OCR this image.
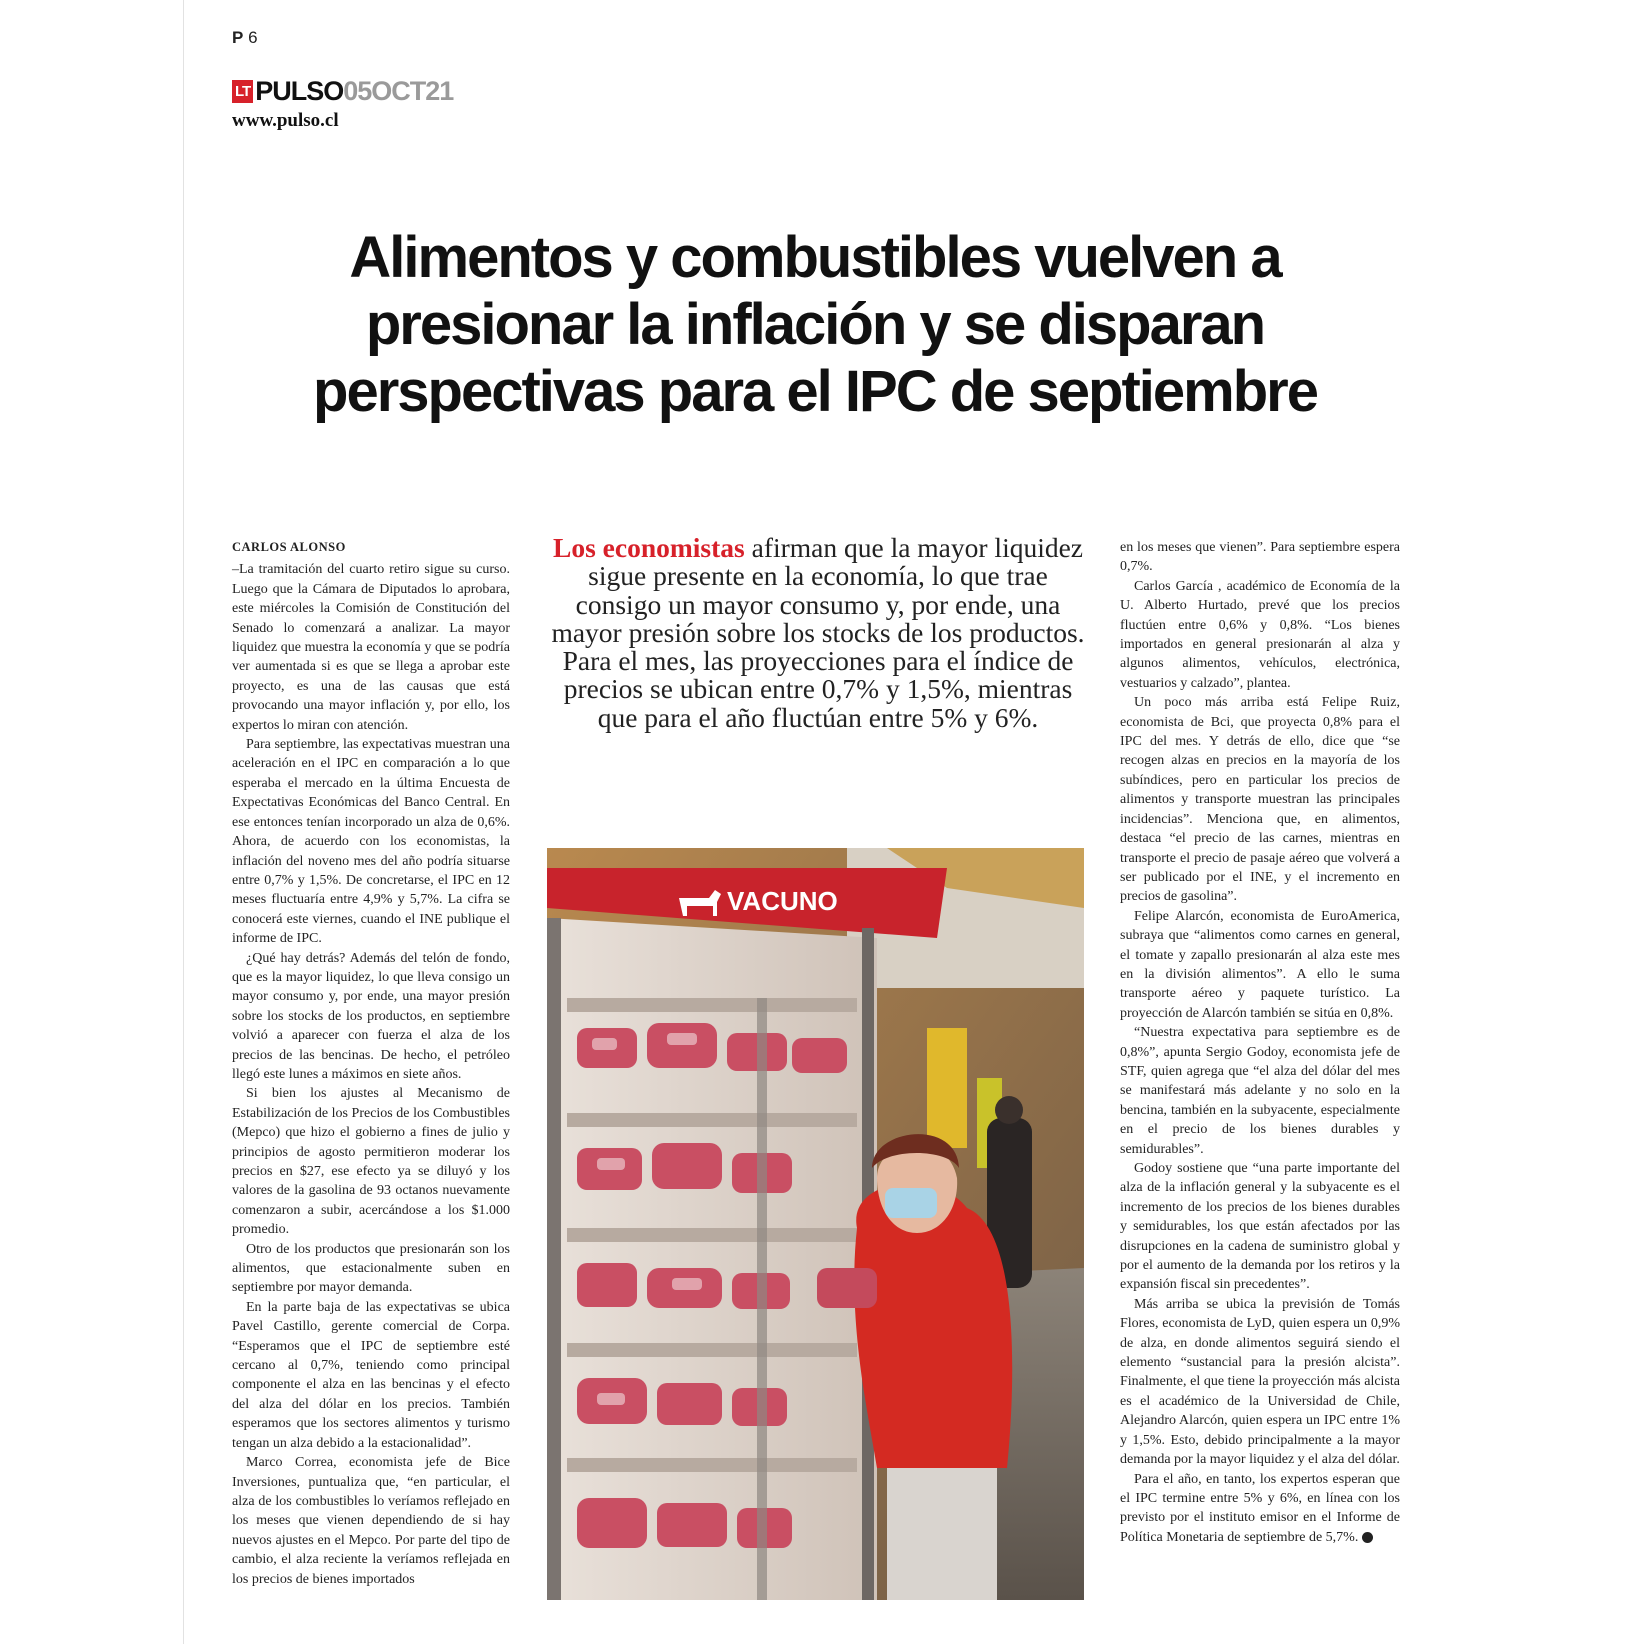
P 6
LT PULSO 05OCT21
www.pulso.cl
Alimentos y combustibles vuelven a presionar la inflación y se disparan perspectivas para el IPC de septiembre
CARLOS ALONSO

–La tramitación del cuarto retiro sigue su curso. Luego que la Cámara de Diputados lo aprobara, este miércoles la Comisión de Constitución del Senado lo comenzará a analizar. La mayor liquidez que muestra la economía y que se podría ver aumentada si es que se llega a aprobar este proyecto, es una de las causas que está provocando una mayor inflación y, por ello, los expertos lo miran con atención.

Para septiembre, las expectativas muestran una aceleración en el IPC en comparación a lo que esperaba el mercado en la última Encuesta de Expectativas Económicas del Banco Central. En ese entonces tenían incorporado un alza de 0,6%. Ahora, de acuerdo con los economistas, la inflación del noveno mes del año podría situarse entre 0,7% y 1,5%. De concretarse, el IPC en 12 meses fluctuaría entre 4,9% y 5,7%. La cifra se conocerá este viernes, cuando el INE publique el informe de IPC.

¿Qué hay detrás? Además del telón de fondo, que es la mayor liquidez, lo que lleva consigo un mayor consumo y, por ende, una mayor presión sobre los stocks de los productos, en septiembre volvió a aparecer con fuerza el alza de los precios de las bencinas. De hecho, el petróleo llegó este lunes a máximos en siete años.

Si bien los ajustes al Mecanismo de Estabilización de los Precios de los Combustibles (Mepco) que hizo el gobierno a fines de julio y principios de agosto permitieron moderar los precios en $27, ese efecto ya se diluyó y los valores de la gasolina de 93 octanos nuevamente comenzaron a subir, acercándose a los $1.000 promedio.

Otro de los productos que presionarán son los alimentos, que estacionalmente suben en septiembre por mayor demanda.

En la parte baja de las expectativas se ubica Pavel Castillo, gerente comercial de Corpa. “Esperamos que el IPC de septiembre esté cercano al 0,7%, teniendo como principal componente el alza en las bencinas y el efecto del alza del dólar en los precios. También esperamos que los sectores alimentos y turismo tengan un alza debido a la estacionalidad”.

Marco Correa, economista jefe de Bice Inversiones, puntualiza que, “en particular, el alza de los combustibles lo veríamos reflejado en los meses que vienen dependiendo de si hay nuevos ajustes en el Mepco. Por parte del tipo de cambio, el alza reciente la veríamos reflejada en los precios de bienes importados

Los economistas afirman que la mayor liquidez sigue presente en la economía, lo que trae consigo un mayor consumo y, por ende, una mayor presión sobre los stocks de los productos. Para el mes, las proyecciones para el índice de precios se ubican entre 0,7% y 1,5%, mientras que para el año fluctúan entre 5% y 6%.

VACUNO

en los meses que vienen”. Para septiembre espera 0,7%.

Carlos García , académico de Economía de la U. Alberto Hurtado, prevé que los precios fluctúen entre 0,6% y 0,8%. “Los bienes importados en general presionarán al alza y algunos alimentos, vehículos, electrónica, vestuarios y calzado”, plantea.

Un poco más arriba está Felipe Ruiz, economista de Bci, que proyecta 0,8% para el IPC del mes. Y detrás de ello, dice que “se recogen alzas en precios en la mayoría de los subíndices, pero en particular los precios de alimentos y transporte muestran las principales incidencias”. Menciona que, en alimentos, destaca “el precio de las carnes, mientras en transporte el precio de pasaje aéreo que volverá a ser publicado por el INE, y el incremento en precios de gasolina”.

Felipe Alarcón, economista de EuroAmerica, subraya que “alimentos como carnes en general, el tomate y zapallo presionarán al alza este mes en la división alimentos”. A ello le suma transporte aéreo y paquete turístico. La proyección de Alarcón también se sitúa en 0,8%.

“Nuestra expectativa para septiembre es de 0,8%”, apunta Sergio Godoy, economista jefe de STF, quien agrega que “el alza del dólar del mes se manifestará más adelante y no solo en la bencina, también en la subyacente, especialmente en el precio de los bienes durables y semidurables”.

Godoy sostiene que “una parte importante del alza de la inflación general y la subyacente es el incremento de los precios de los bienes durables y semidurables, los que están afectados por las disrupciones en la cadena de suministro global y por el aumento de la demanda por los retiros y la expansión fiscal sin precedentes”.

Más arriba se ubica la previsión de Tomás Flores, economista de LyD, quien espera un 0,9% de alza, en donde alimentos seguirá siendo el elemento “sustancial para la presión alcista”. Finalmente, el que tiene la proyección más alcista es el académico de la Universidad de Chile, Alejandro Alarcón, quien espera un IPC entre 1% y 1,5%. Esto, debido principalmente a la mayor demanda por la mayor liquidez y el alza del dólar.

Para el año, en tanto, los expertos esperan que el IPC termine entre 5% y 6%, en línea con los previsto por el instituto emisor en el Informe de Política Monetaria de septiembre de 5,7%. P
